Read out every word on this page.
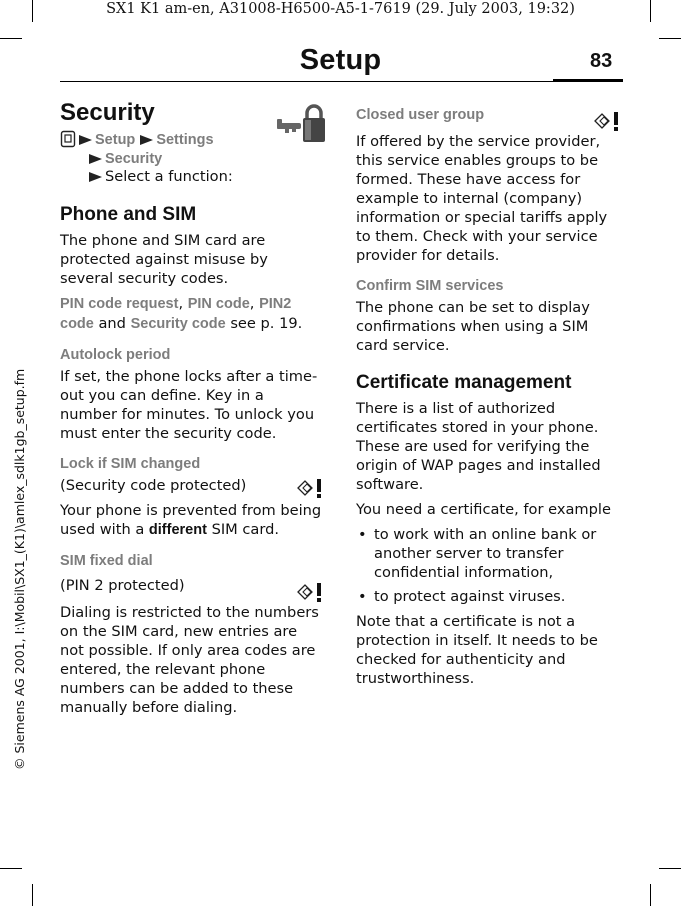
SX1 K1 am-en, A31008-H6500-A5-1-7619 (29. July 2003, 19:32)
© Siemens AG 2001, I:\Mobil\SX1_(K1)\amlex_sdlk1gb_setup.fm
Setup	83
Security
Setup Settings
Security
Select a function:
Phone and SIM

The phone and SIM card are protected against misuse by several security codes.

PIN code request, PIN code, PIN2 code and Security code see p. 19.

Autolock period

If set, the phone locks after a time-out you can define. Key in a number for minutes. To unlock you must enter the security code.

Lock if SIM changed

(Security code protected)

Your phone is prevented from being used with a different SIM card.

SIM fixed dial

(PIN 2 protected)

Dialing is restricted to the numbers on the SIM card, new entries are not possible. If only area codes are entered, the relevant phone numbers can be added to these manually before dialing.

Closed user group

If offered by the service provider, this service enables groups to be formed. These have access for example to internal (company) information or special tariffs apply to them. Check with your service provider for details.

Confirm SIM services

The phone can be set to display confirmations when using a SIM card service.

Certificate management

There is a list of authorized certificates stored in your phone. These are used for verifying the origin of WAP pages and installed software.

You need a certificate, for example

• to work with an online bank or another server to transfer confidential information,
• to protect against viruses.

Note that a certificate is not a protection in itself. It needs to be checked for authenticity and trustworthiness.
